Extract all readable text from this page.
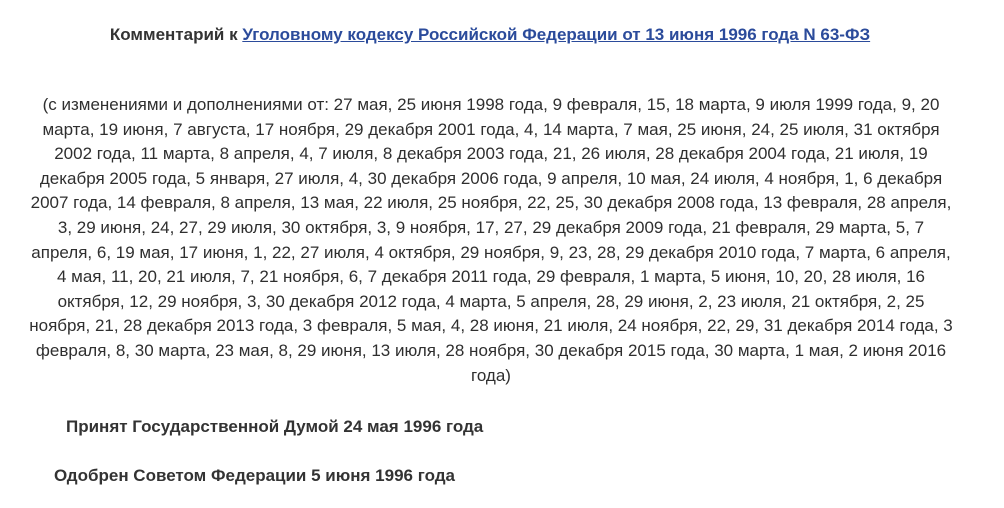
Комментарий к Уголовному кодексу Российской Федерации от 13 июня 1996 года N 63-ФЗ
(с изменениями и дополнениями от: 27 мая, 25 июня 1998 года, 9 февраля, 15, 18 марта, 9 июля 1999 года, 9, 20 марта, 19 июня, 7 августа, 17 ноября, 29 декабря 2001 года, 4, 14 марта, 7 мая, 25 июня, 24, 25 июля, 31 октября 2002 года, 11 марта, 8 апреля, 4, 7 июля, 8 декабря 2003 года, 21, 26 июля, 28 декабря 2004 года, 21 июля, 19 декабря 2005 года, 5 января, 27 июля, 4, 30 декабря 2006 года, 9 апреля, 10 мая, 24 июля, 4 ноября, 1, 6 декабря 2007 года, 14 февраля, 8 апреля, 13 мая, 22 июля, 25 ноября, 22, 25, 30 декабря 2008 года, 13 февраля, 28 апреля, 3, 29 июня, 24, 27, 29 июля, 30 октября, 3, 9 ноября, 17, 27, 29 декабря 2009 года, 21 февраля, 29 марта, 5, 7 апреля, 6, 19 мая, 17 июня, 1, 22, 27 июля, 4 октября, 29 ноября, 9, 23, 28, 29 декабря 2010 года, 7 марта, 6 апреля, 4 мая, 11, 20, 21 июля, 7, 21 ноября, 6, 7 декабря 2011 года, 29 февраля, 1 марта, 5 июня, 10, 20, 28 июля, 16 октября, 12, 29 ноября, 3, 30 декабря 2012 года, 4 марта, 5 апреля, 28, 29 июня, 2, 23 июля, 21 октября, 2, 25 ноября, 21, 28 декабря 2013 года, 3 февраля, 5 мая, 4, 28 июня, 21 июля, 24 ноября, 22, 29, 31 декабря 2014 года, 3 февраля, 8, 30 марта, 23 мая, 8, 29 июня, 13 июля, 28 ноября, 30 декабря 2015 года, 30 марта, 1 мая, 2 июня 2016 года)
Принят Государственной Думой 24 мая 1996 года
Одобрен Советом Федерации 5 июня 1996 года
